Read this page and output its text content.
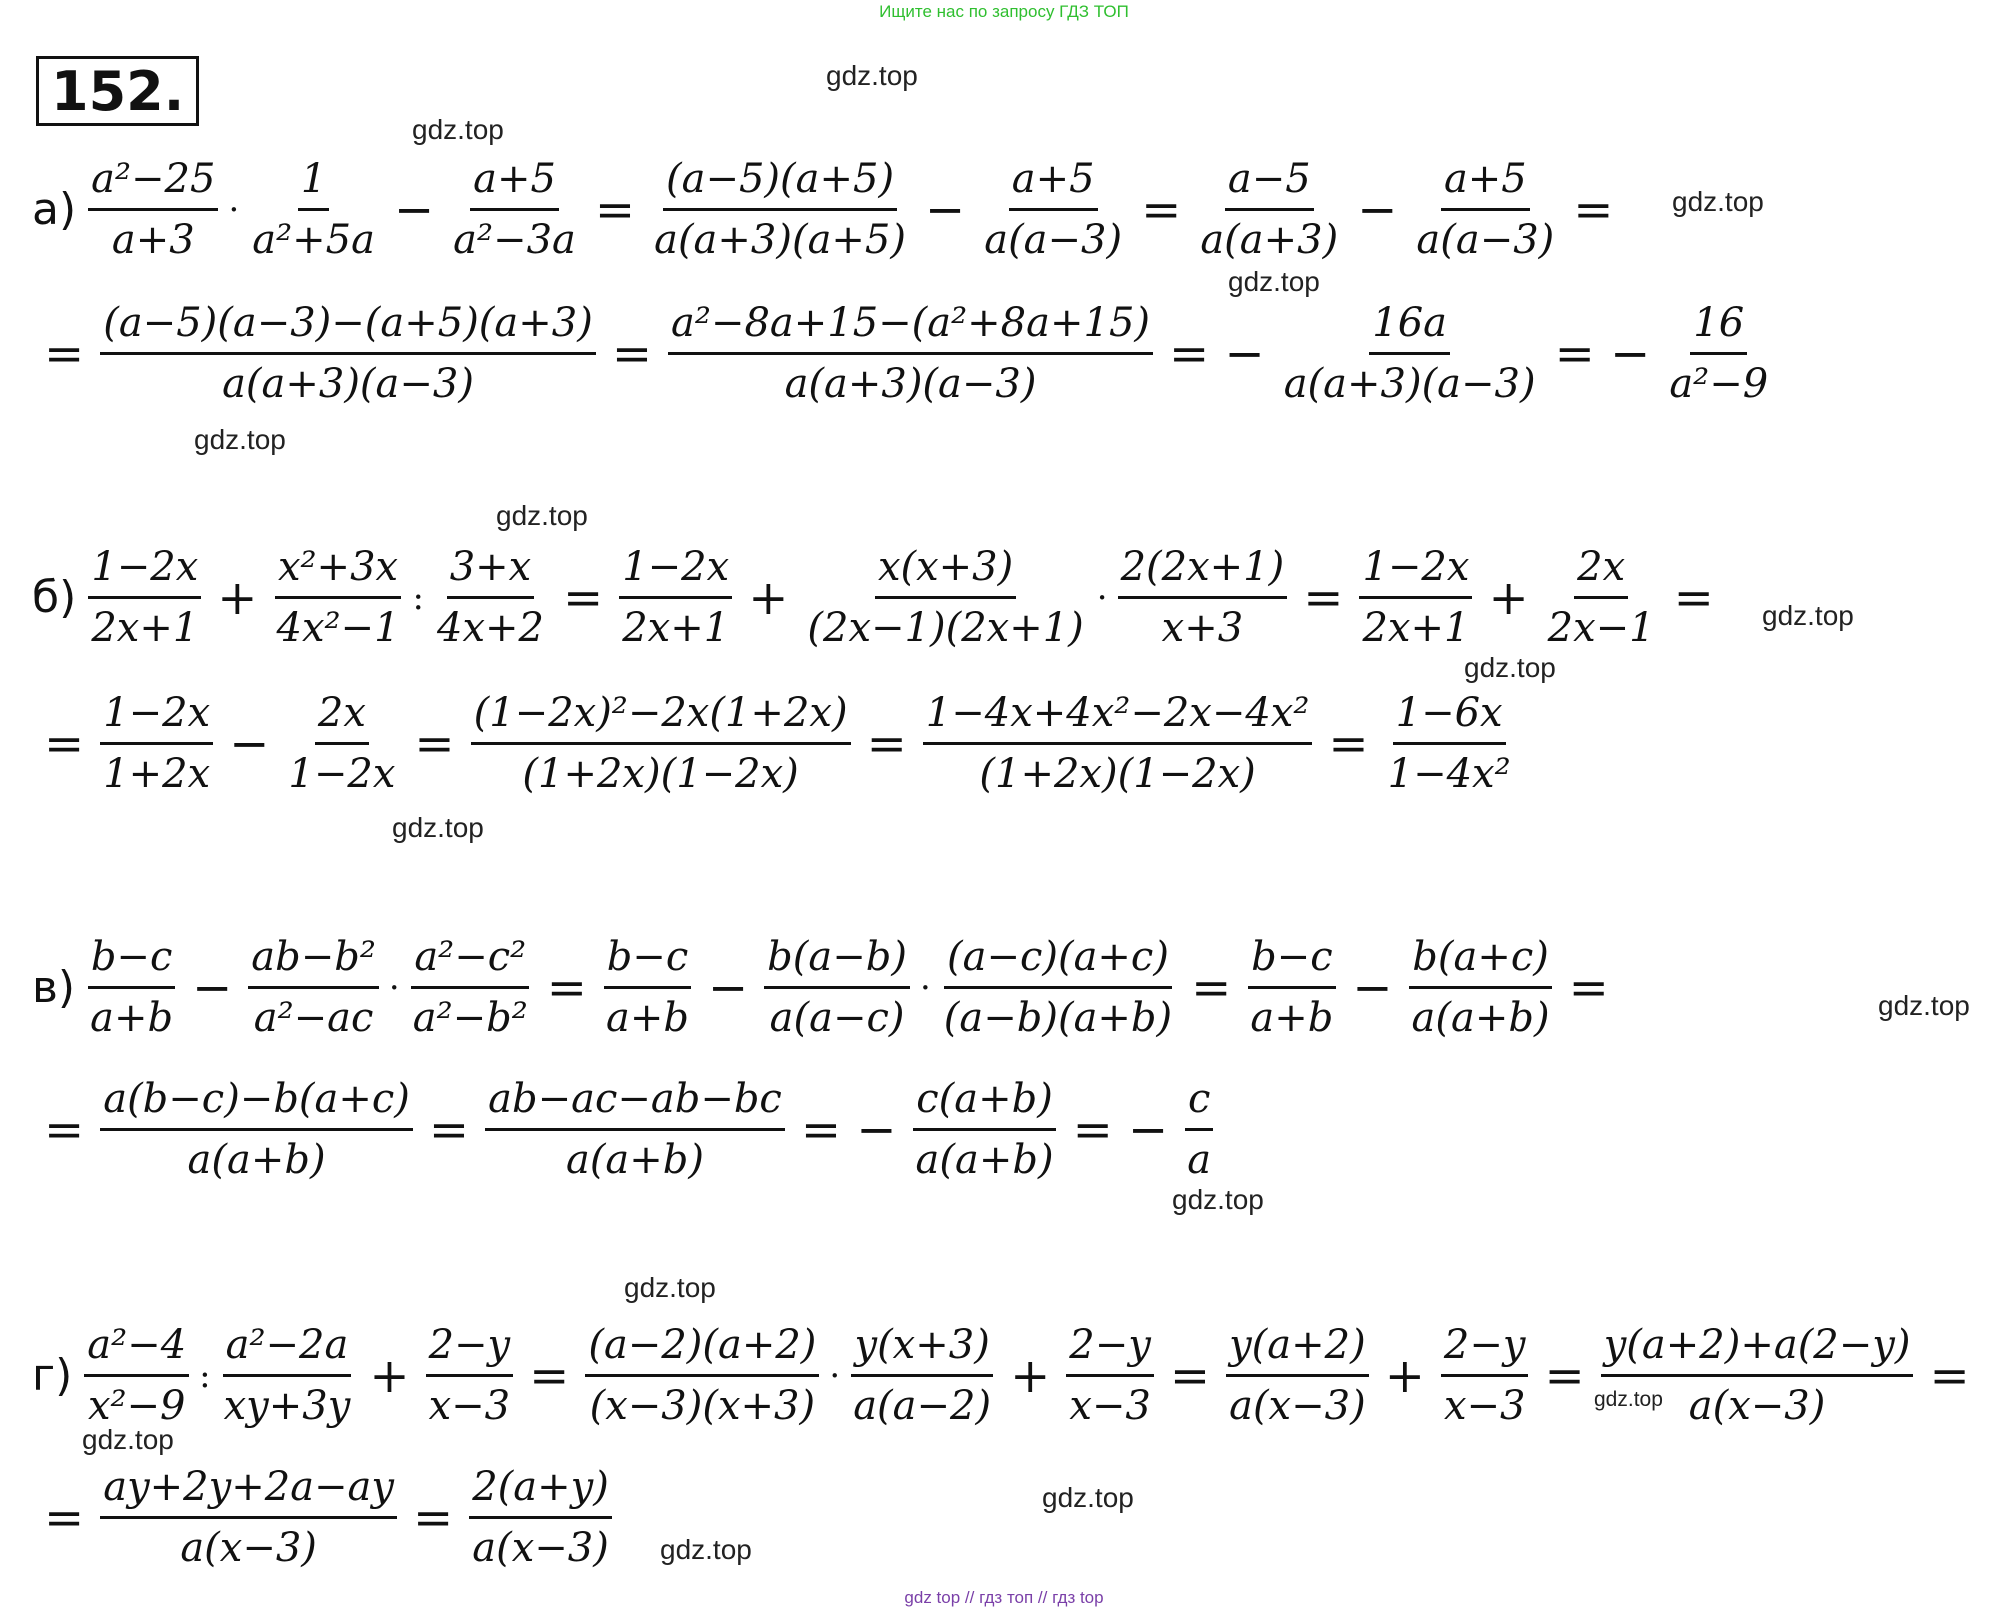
Ищите нас по запросу ГДЗ ТОП
152.	gdz.top
gdz.top
gdz.top
gdz.top
gdz.top
gdz.top
gdz.top
gdz.top
gdz.top
gdz.top
gdz.top
gdz.top
gdz.top
gdz.top
gdz.top
gdz.top
$а) \frac{\text{a²−25}}{a+3} \cdot \frac{1}{\text{a²+5a}} - \frac{a+5}{\text{a²−3a}} = \frac{(a-5)(a+5)}{a(a+3)(a+5)} - \frac{a+5}{a(a-3)} = \frac{a-5}{a(a+3)} - \frac{a+5}{a(a-3)}$ =
= $\frac{(a-5)(a-3)-(a+5)(a+3)}{a(a+3)(a-3)} = \frac{\text{a²−8a+15−(a²+8a+15)}}{a(a+3)(a-3)}$ = − $\frac{16a}{a(a+3)(a-3)}$ = − $\frac{16}{\text{a²−9}}$
$б) \frac{1-2x}{2x+1} + \frac{\text{x²+3x}}{\text{4x²−1}}$ : $\frac{3+x}{4x+2} = \frac{1-2x}{2x+1} + \frac{x(x+3)}{(2x-1)(2x+1)} \cdot \frac{2(2x+1)}{x+3} = \frac{1-2x}{2x+1} + \frac{2x}{2x-1}$ =
= $\frac{1-2x}{1+2x} - \frac{2x}{1-2x} = \frac{\text{(1−2x)²−2x(1+2x)}}{(1+2x)(1-2x)} = \frac{\text{1−4x+4x²−2x−4x²}}{(1+2x)(1-2x)} = \frac{1-6x}{\text{1−4x²}}$
$в) \frac{b-c}{a+b} - \frac{\text{ab−b²}}{\text{a²−ac}} \cdot \frac{\text{a²−c²}}{\text{a²−b²}} = \frac{b-c}{a+b} - \frac{b(a-b)}{a(a-c)} \cdot \frac{(a-c)(a+c)}{(a-b)(a+b)} = \frac{b-c}{a+b} - \frac{b(a+c)}{a(a+b)}$ =
= $\frac{a(b-c)-b(a+c)}{a(a+b)} = \frac{ab-ac-ab-bc}{a(a+b)}$ = − $\frac{c(a+b)}{a(a+b)}$ = − $\frac{c}{a}$
$г) \frac{\text{a²−4}}{\text{x²−9}}$ : $\frac{\text{a²−2a}}{xy+3y} + \frac{2-y}{x-3} = \frac{(a-2)(a+2)}{(x-3)(x+3)} \cdot \frac{y(x+3)}{a(a-2)} + \frac{2-y}{x-3} = \frac{y(a+2)}{a(x-3)} + \frac{2-y}{x-3} = \frac{y(a+2)+a(2-y)}{a(x-3)}$ =
= $\frac{ay+2y+2a-ay}{a(x-3)} = \frac{2(a+y)}{a(x-3)}$
gdz top // гдз топ // гдз top
